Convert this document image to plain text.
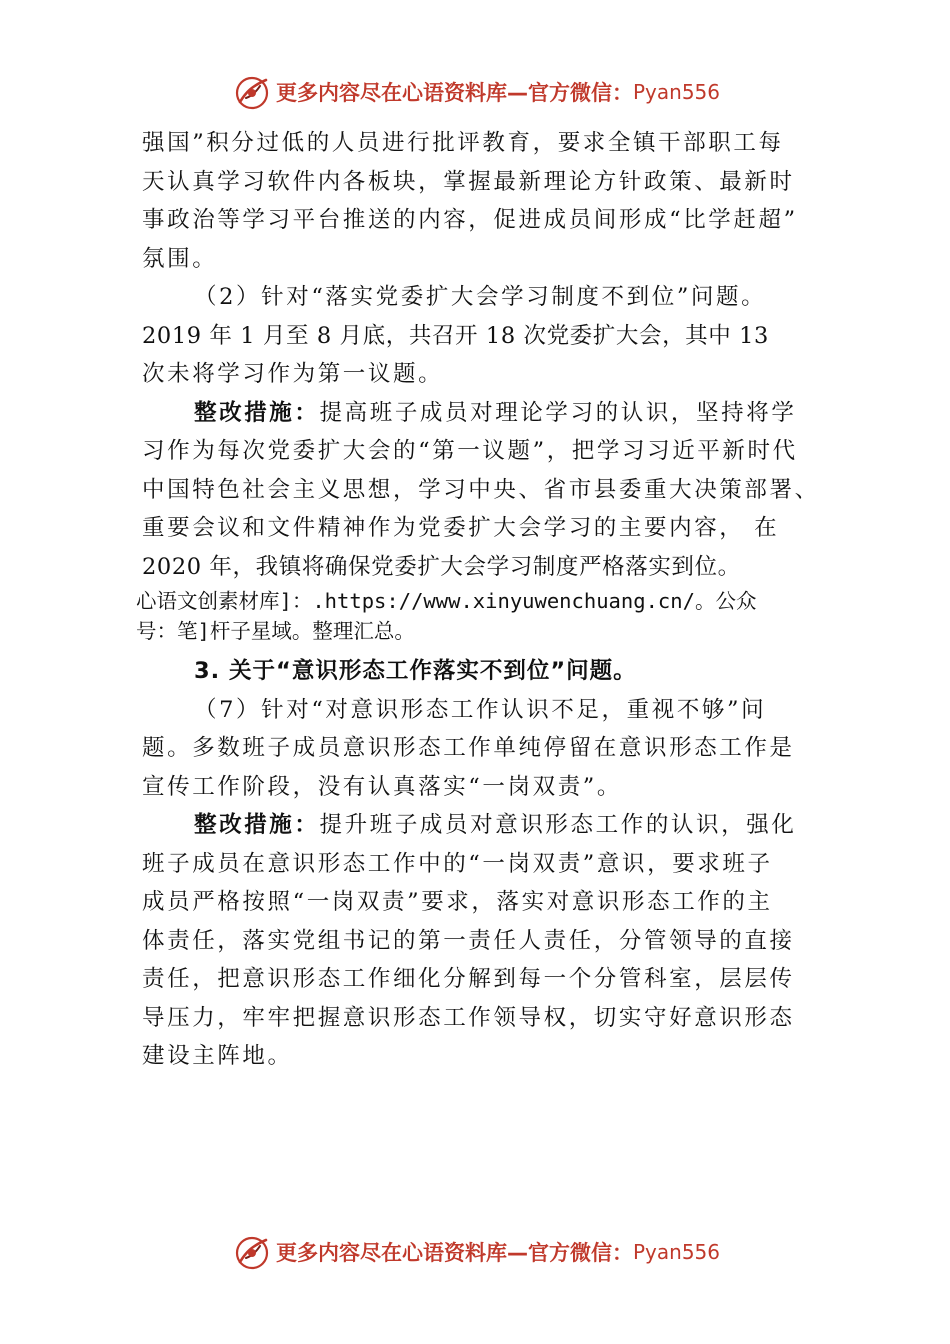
更多内容尽在心语资料库—官方微信： Pyan556
强国”积分过低的人员进行批评教育，要求全镇干部职工每
天认真学习软件内各板块，掌握最新理论方针政策、最新时
事政治等学习平台推送的内容，促进成员间形成“比学赶超”
氛围。
（2）针对“落实党委扩大会学习制度不到位”问题。
2019 年 1 月至 8 月底，共召开 18 次党委扩大会，其中 13
次未将学习作为第一议题。
整改措施：提高班子成员对理论学习的认识，坚持将学
习作为每次党委扩大会的“第一议题”，把学习习近平新时代
中国特色社会主义思想，学习中央、省市县委重大决策部署、
重要会议和文件精神作为党委扩大会学习的主要内容， 在
2020 年，我镇将确保党委扩大会学习制度严格落实到位。
心语文创素材库]：.https://www.xinyuwenchuang.cn/。公众
号：笔]杆子星域。整理汇总。
3. 关于“意识形态工作落实不到位”问题。
（7）针对“对意识形态工作认识不足，重视不够”问
题。多数班子成员意识形态工作单纯停留在意识形态工作是
宣传工作阶段，没有认真落实“一岗双责”。
整改措施：提升班子成员对意识形态工作的认识，强化
班子成员在意识形态工作中的“一岗双责”意识，要求班子
成员严格按照“一岗双责”要求，落实对意识形态工作的主
体责任，落实党组书记的第一责任人责任，分管领导的直接
责任，把意识形态工作细化分解到每一个分管科室，层层传
导压力，牢牢把握意识形态工作领导权，切实守好意识形态
建设主阵地。
更多内容尽在心语资料库—官方微信： Pyan556
